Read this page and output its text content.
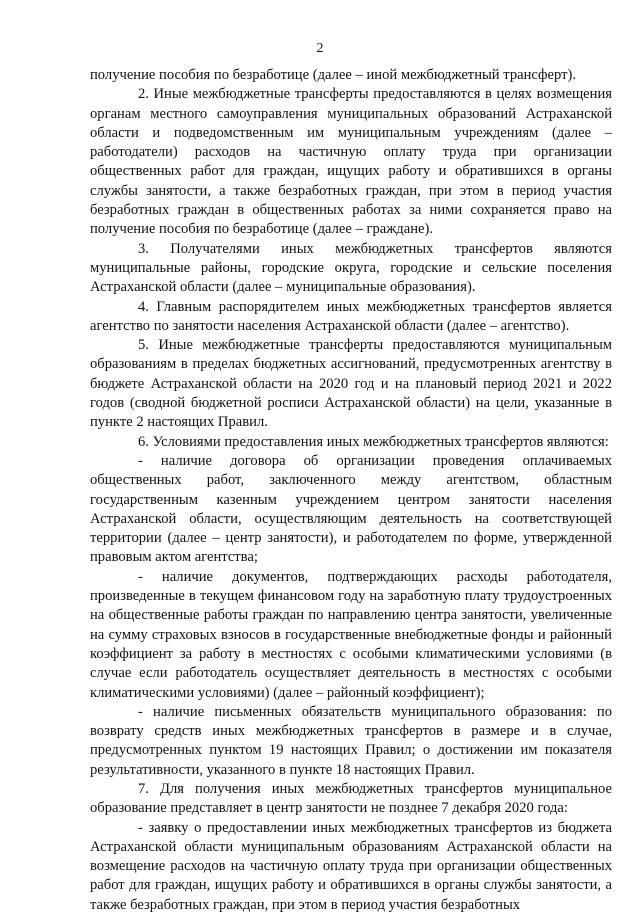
2

получение пособия по безработице (далее – иной межбюджетный трансферт).

2. Иные межбюджетные трансферты предоставляются в целях возмещения органам местного самоуправления муниципальных образований Астраханской области и подведомственным им муниципальным учреждениям (далее – работодатели) расходов на частичную оплату труда при организации общественных работ для граждан, ищущих работу и обратившихся в органы службы занятости, а также безработных граждан, при этом в период участия безработных граждан в общественных работах за ними сохраняется право на получение пособия по безработице (далее – граждане).

3. Получателями иных межбюджетных трансфертов являются муниципальные районы, городские округа, городские и сельские поселения Астраханской области (далее – муниципальные образования).

4. Главным распорядителем иных межбюджетных трансфертов является агентство по занятости населения Астраханской области (далее – агентство).

5. Иные межбюджетные трансферты предоставляются муниципальным образованиям в пределах бюджетных ассигнований, предусмотренных агентству в бюджете Астраханской области на 2020 год и на плановый период 2021 и 2022 годов (сводной бюджетной росписи Астраханской области) на цели, указанные в пункте 2 настоящих Правил.

6. Условиями предоставления иных межбюджетных трансфертов являются:

- наличие договора об организации проведения оплачиваемых общественных работ, заключенного между агентством, областным государственным казенным учреждением центром занятости населения Астраханской области, осуществляющим деятельность на соответствующей территории (далее – центр занятости), и работодателем по форме, утвержденной правовым актом агентства;

- наличие документов, подтверждающих расходы работодателя, произведенные в текущем финансовом году на заработную плату трудоустроенных на общественные работы граждан по направлению центра занятости, увеличенные на сумму страховых взносов в государственные внебюджетные фонды и районный коэффициент за работу в местностях с особыми климатическими условиями (в случае если работодатель осуществляет деятельность в местностях с особыми климатическими условиями) (далее – районный коэффициент);

- наличие письменных обязательств муниципального образования: по возврату средств иных межбюджетных трансфертов в размере и в случае, предусмотренных пунктом 19 настоящих Правил; о достижении им показателя результативности, указанного в пункте 18 настоящих Правил.

7. Для получения иных межбюджетных трансфертов муниципальное образование представляет в центр занятости не позднее 7 декабря 2020 года:

- заявку о предоставлении иных межбюджетных трансфертов из бюджета Астраханской области муниципальным образованиям Астраханской области на возмещение расходов на частичную оплату труда при организации общественных работ для граждан, ищущих работу и обратившихся в органы службы занятости, а также безработных граждан, при этом в период участия безработных
